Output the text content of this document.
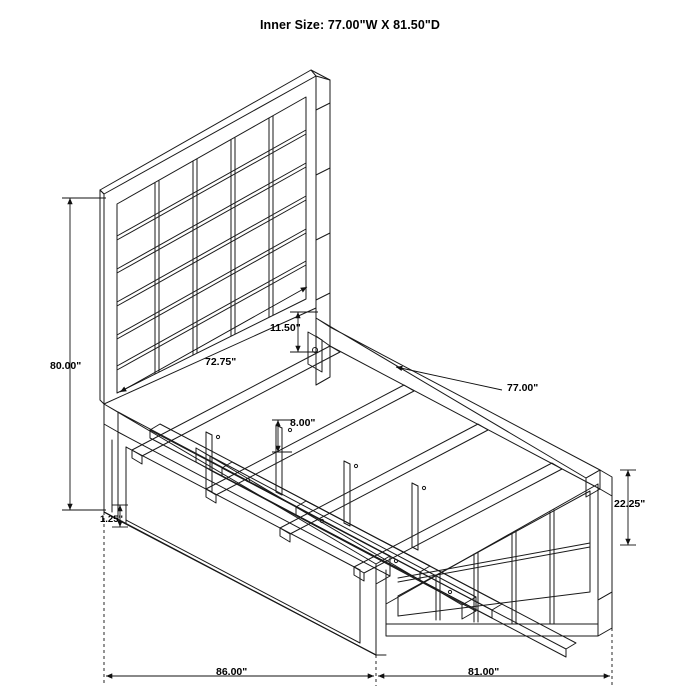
Inner Size: 77.00"W X 81.50"D
80.00"	72.75"
11.50"
8.00"
77.00"
22.25"
1.25"
86.00"	81.00"
